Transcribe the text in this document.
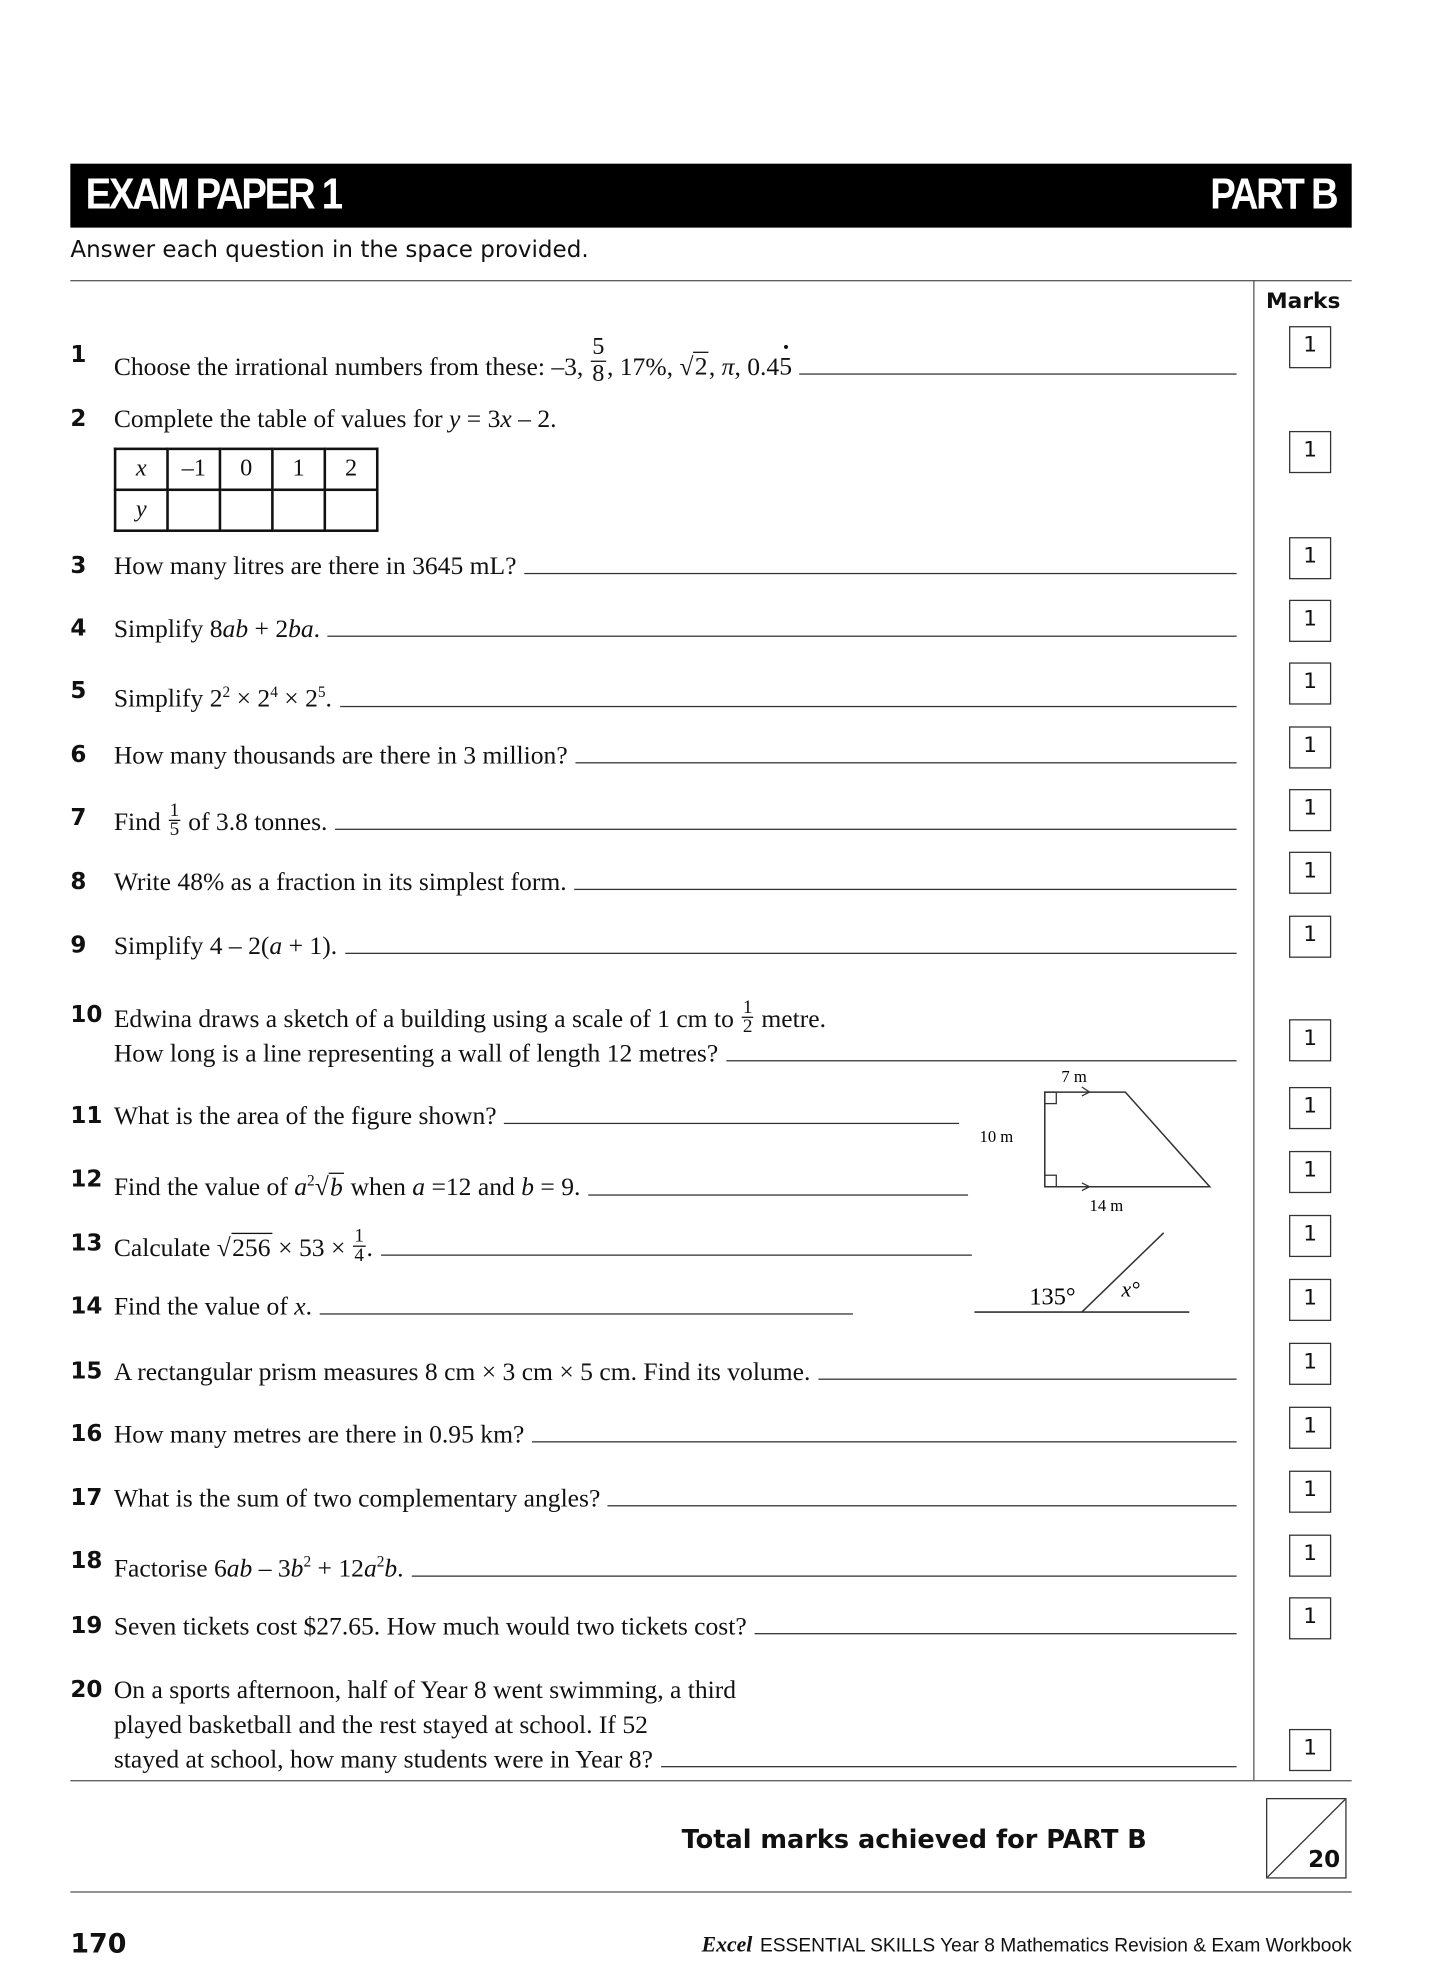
EXAM PAPER 1	PART B
Answer each question in the space provided.
Marks
1 Choose the irrational numbers from these: –3, $\frac{5}{8}$ , 17%, √2, π, 0.4· 5
1
2 Complete the table of values for y = 3x – 2.
x	–1	0	1	2
y				
1
3 How many litres are there in 3645 mL?	1
4 Simplify 8ab + 2ba.	1
5 Simplify $2^2 \times 2^4 \times 2^5$.
1
6 How many thousands are there in 3 million?	1
7 Find $\frac{1}{5}$ of 3.8 tonnes.
1
8 Write 48% as a fraction in its simplest form.	1
9 Simplify 4 – 2(a + 1).	1
10 Edwina draws a sketch of a building using a scale of 1 cm to $\frac{1}{2}$ metre.
How long is a line representing a wall of length 12 metres?
1
11 What is the area of the figure shown?	1
12 Find the value of $a^2√b$ when a =12 and b = 9.
1
13 Calculate $√256 \times 53 \times \frac{1}{4}$ .
1
14 Find the value of x.	1
15 A rectangular prism measures 8 cm × 3 cm × 5 cm. Find its volume.	1
16 How many metres are there in 0.95 km?	1
17 What is the sum of two complementary angles?	1
18 Factorise $6ab - 3b^2 + 12a^2b$.
1
19 Seven tickets cost $27.65. How much would two tickets cost?	1
20 On a sports afternoon, half of Year 8 went swimming, a third
played basketball and the rest stayed at school. If 52
stayed at school, how many students were in Year 8?	1
7 m
10 m
14 m
135°	x°
Total marks achieved for PART B
20
170	Excel ESSENTIAL SKILLS Year 8 Mathematics Revision & Exam Workbook
